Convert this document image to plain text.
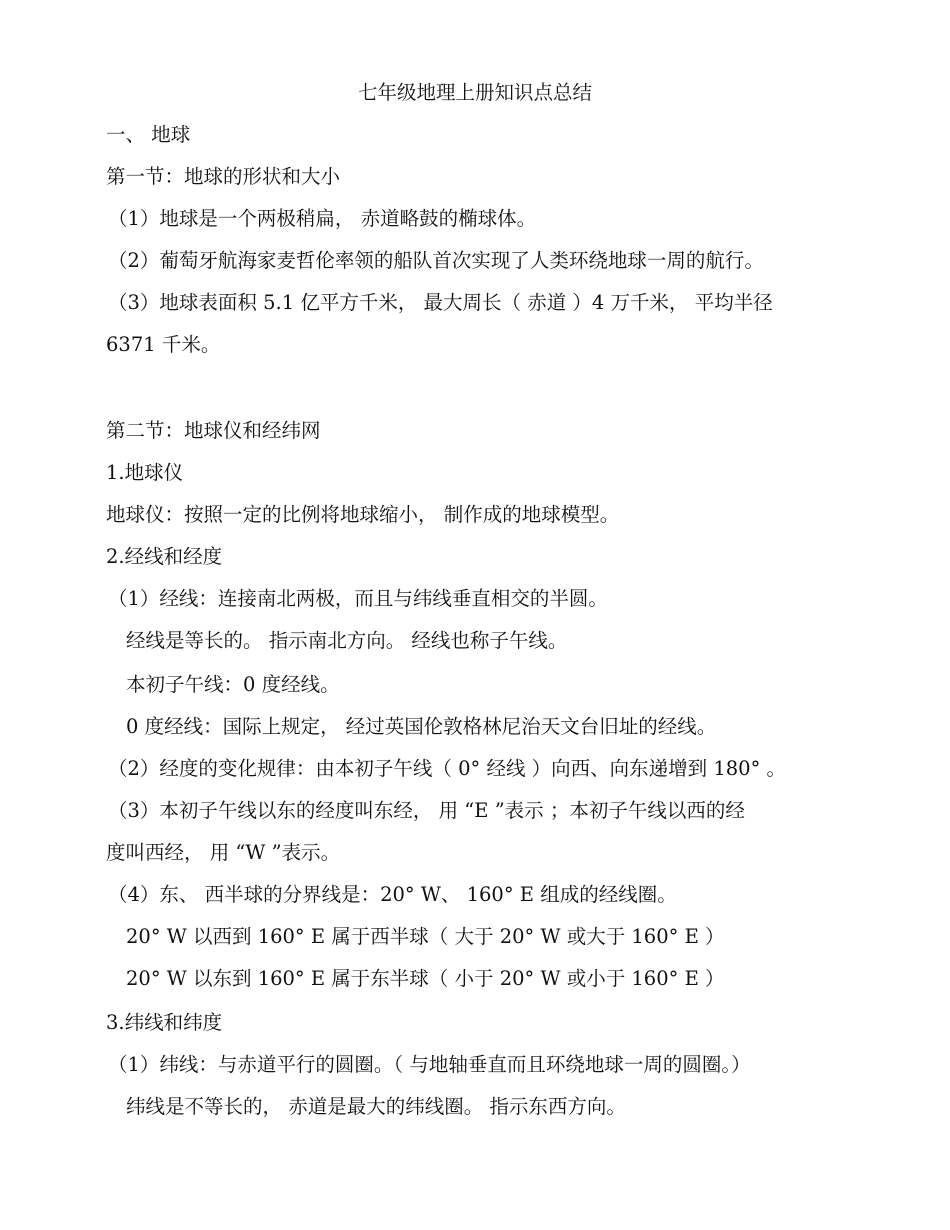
七年级地理上册知识点总结
一、 地球
第一节：地球的形状和大小
（1）地球是一个两极稍扁， 赤道略鼓的椭球体。
（2）葡萄牙航海家麦哲伦率领的船队首次实现了人类环绕地球一周的航行。
（3）地球表面积 5.1 亿平方千米， 最大周长（ 赤道 ）4 万千米， 平均半径
6371 千米。
第二节：地球仪和经纬网
1.地球仪
地球仪：按照一定的比例将地球缩小， 制作成的地球模型。
2.经线和经度
（1）经线：连接南北两极，而且与纬线垂直相交的半圆。
经线是等长的。 指示南北方向。 经线也称子午线。
本初子午线：0 度经线。
0 度经线：国际上规定， 经过英国伦敦格林尼治天文台旧址的经线。
（2）经度的变化规律：由本初子午线（ 0° 经线 ）向西、向东递增到 180° 。
（3）本初子午线以东的经度叫东经， 用 “E ”表示 ；本初子午线以西的经
度叫西经， 用 “W ”表示。
（4）东、 西半球的分界线是：20° W、 160° E 组成的经线圈。
20° W 以西到 160° E 属于西半球（ 大于 20° W 或大于 160° E ）
20° W 以东到 160° E 属于东半球（ 小于 20° W 或小于 160° E ）
3.纬线和纬度
（1）纬线：与赤道平行的圆圈。（ 与地轴垂直而且环绕地球一周的圆圈。）
纬线是不等长的， 赤道是最大的纬线圈。 指示东西方向。
